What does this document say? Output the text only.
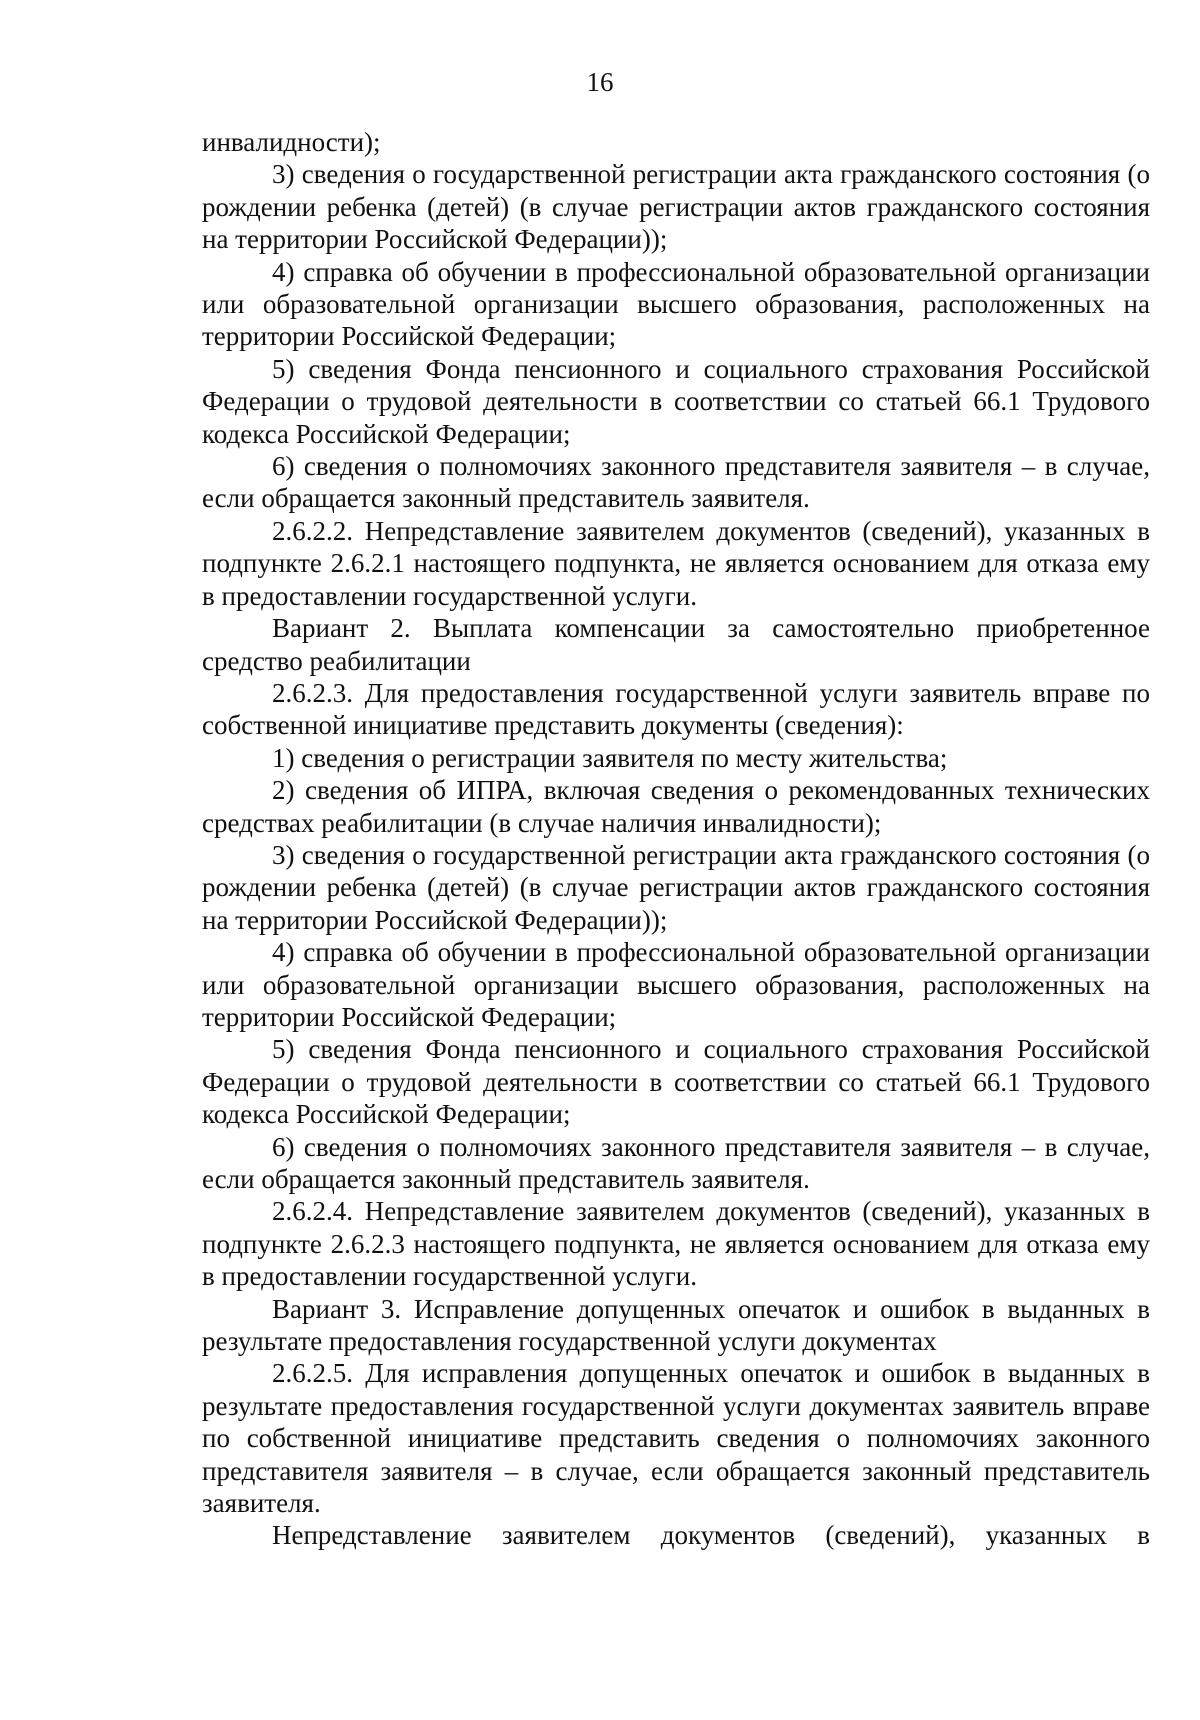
16

инвалидности);

3) сведения о государственной регистрации акта гражданского состояния (о рождении ребенка (детей) (в случае регистрации актов гражданского состояния на территории Российской Федерации));

4) справка об обучении в профессиональной образовательной организации или образовательной организации высшего образования, расположенных на территории Российской Федерации;

5) сведения Фонда пенсионного и социального страхования Российской Федерации о трудовой деятельности в соответствии со статьей 66.1 Трудового кодекса Российской Федерации;

6) сведения о полномочиях законного представителя заявителя – в случае, если обращается законный представитель заявителя.

2.6.2.2. Непредставление заявителем документов (сведений), указанных в подпункте 2.6.2.1 настоящего подпункта, не является основанием для отказа ему в предоставлении государственной услуги.

Вариант 2. Выплата компенсации за самостоятельно приобретенное средство реабилитации

2.6.2.3. Для предоставления государственной услуги заявитель вправе по собственной инициативе представить документы (сведения):

1) сведения о регистрации заявителя по месту жительства;

2) сведения об ИПРА, включая сведения о рекомендованных технических средствах реабилитации (в случае наличия инвалидности);

3) сведения о государственной регистрации акта гражданского состояния (о рождении ребенка (детей) (в случае регистрации актов гражданского состояния на территории Российской Федерации));

4) справка об обучении в профессиональной образовательной организации или образовательной организации высшего образования, расположенных на территории Российской Федерации;

5) сведения Фонда пенсионного и социального страхования Российской Федерации о трудовой деятельности в соответствии со статьей 66.1 Трудового кодекса Российской Федерации;

6) сведения о полномочиях законного представителя заявителя – в случае, если обращается законный представитель заявителя.

2.6.2.4. Непредставление заявителем документов (сведений), указанных в подпункте 2.6.2.3 настоящего подпункта, не является основанием для отказа ему в предоставлении государственной услуги.

Вариант 3. Исправление допущенных опечаток и ошибок в выданных в результате предоставления государственной услуги документах

2.6.2.5. Для исправления допущенных опечаток и ошибок в выданных в результате предоставления государственной услуги документах заявитель вправе по собственной инициативе представить сведения о полномочиях законного представителя заявителя – в случае, если обращается законный представитель заявителя.

Непредставление заявителем документов (сведений), указанных в
